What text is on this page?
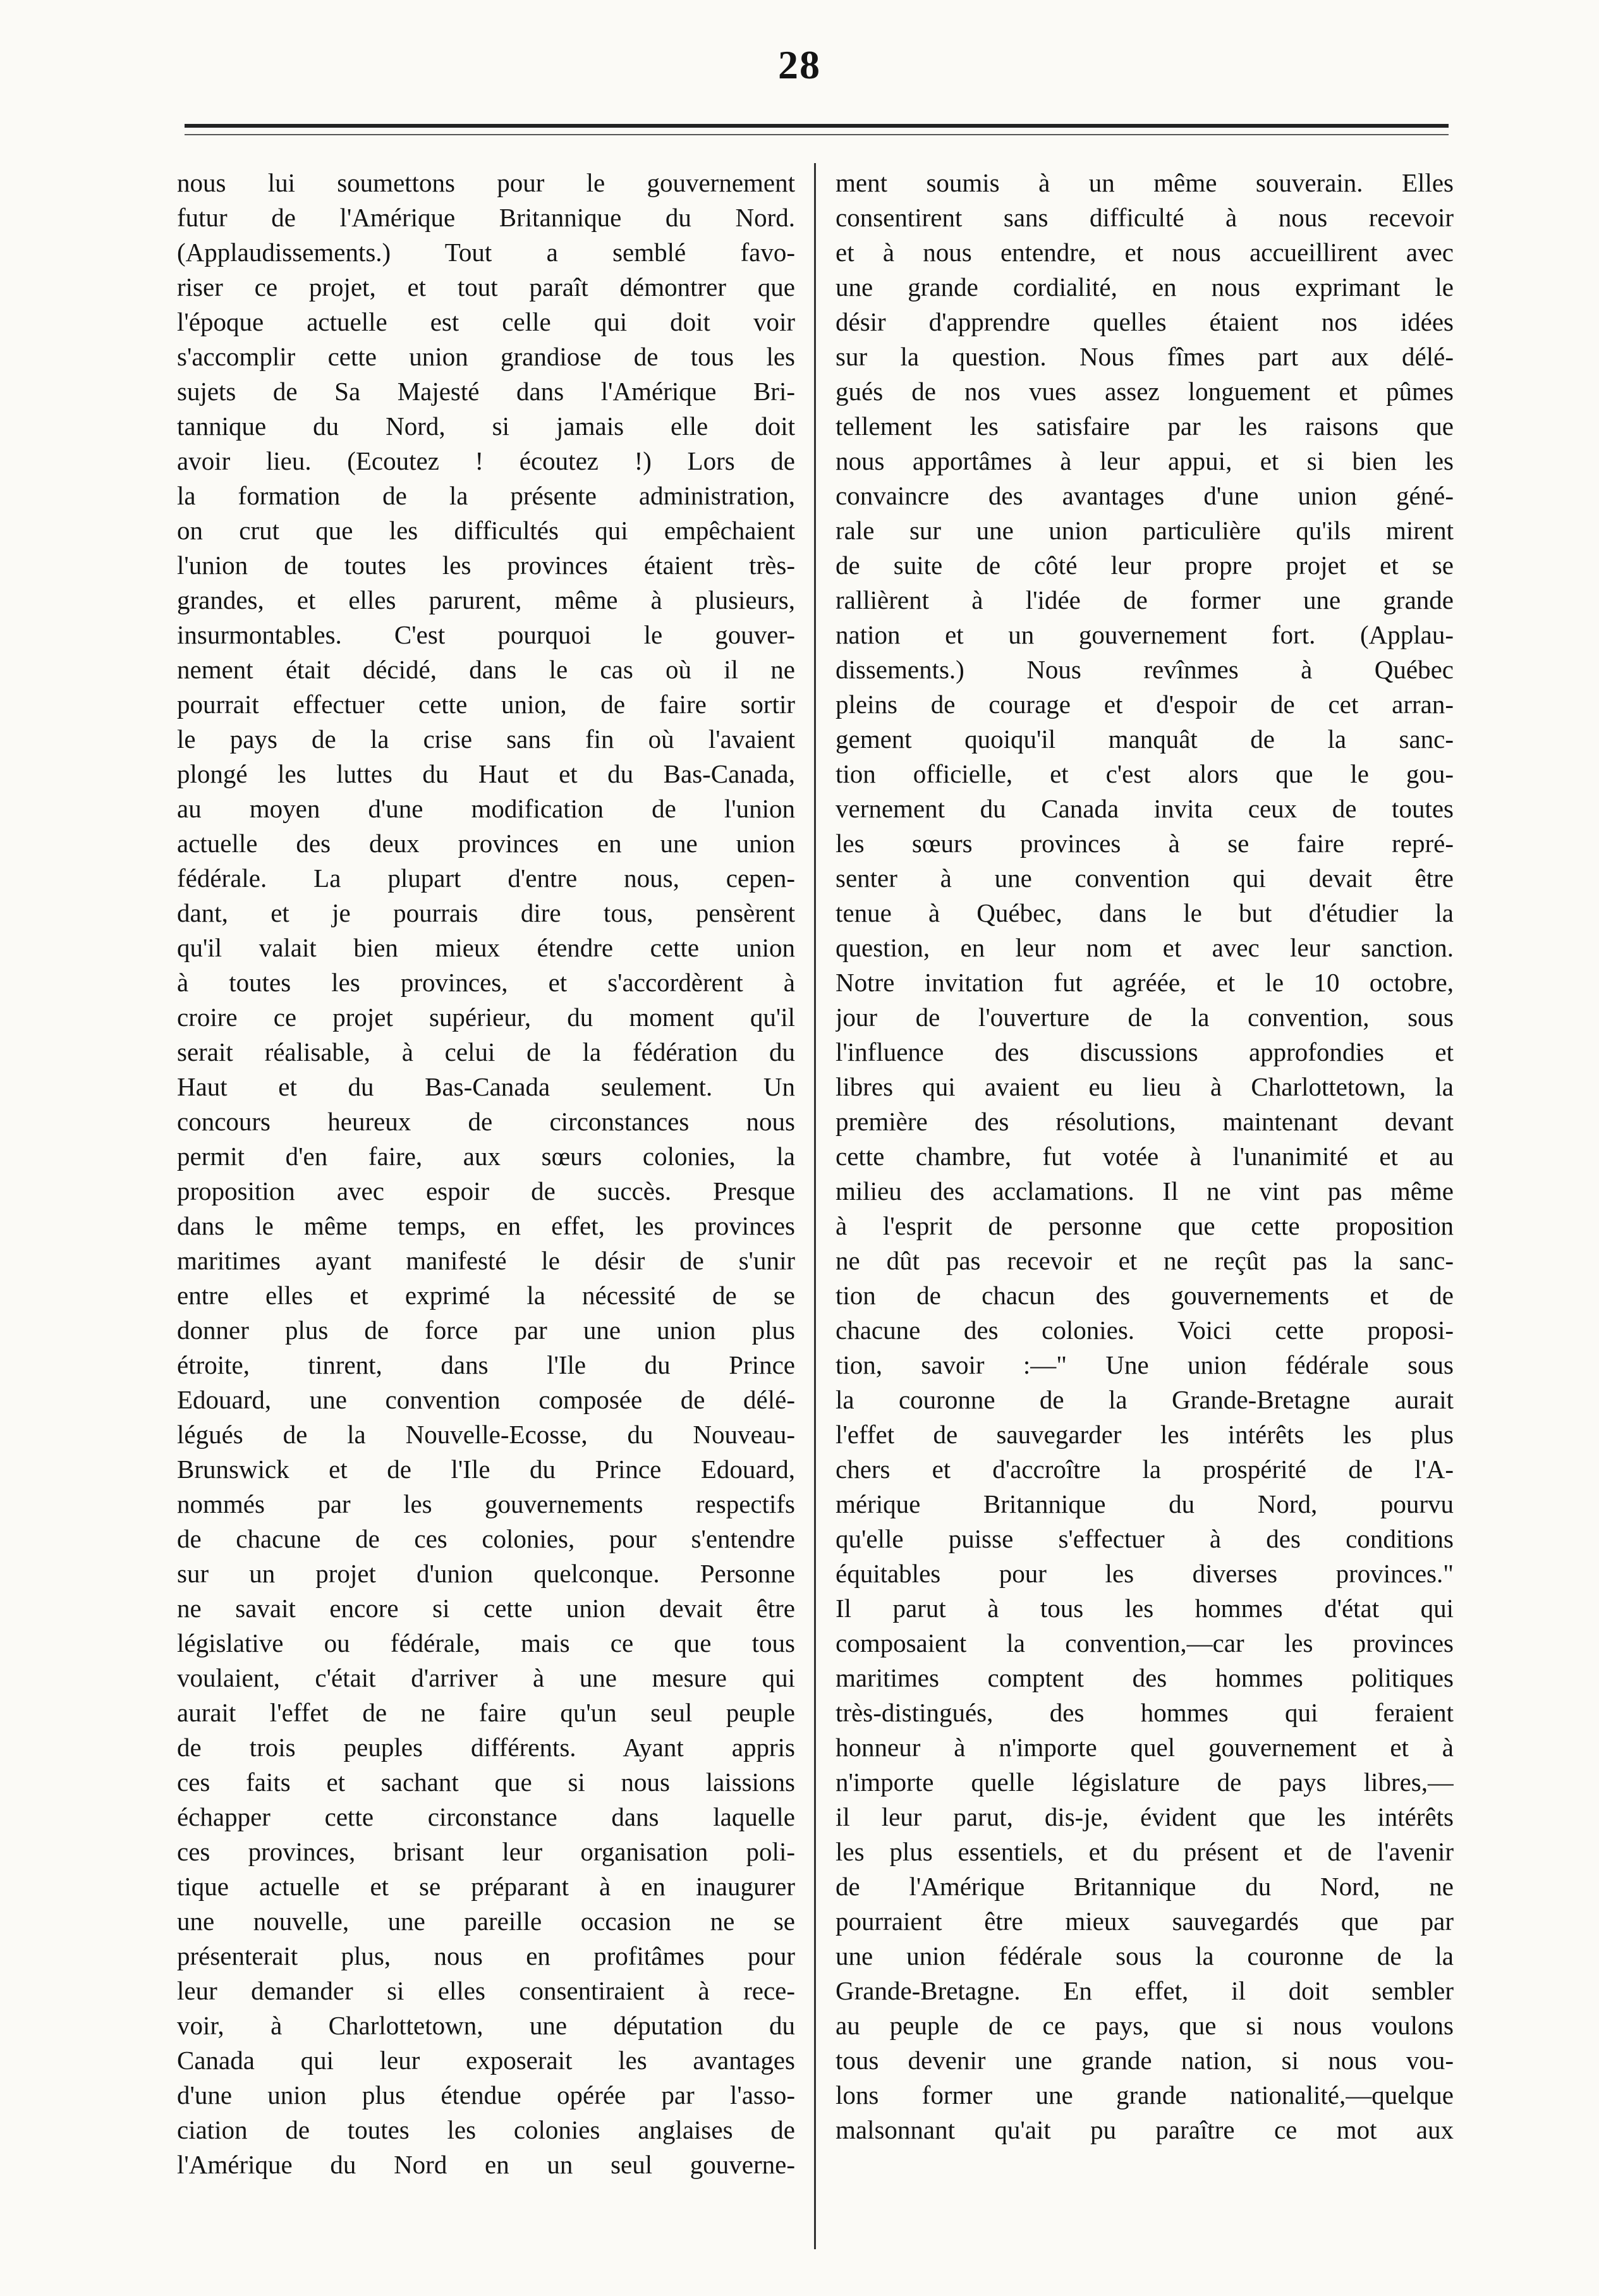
28
nous lui soumettons pour le gouvernement
futur de l'Amérique Britannique du Nord.
(Applaudissements.) Tout a semblé favo-
riser ce projet, et tout paraît démontrer que
l'époque actuelle est celle qui doit voir
s'accomplir cette union grandiose de tous les
sujets de Sa Majesté dans l'Amérique Bri-
tannique du Nord, si jamais elle doit
avoir lieu. (Ecoutez ! écoutez !) Lors de
la formation de la présente administration,
on crut que les difficultés qui empêchaient
l'union de toutes les provinces étaient très-
grandes, et elles parurent, même à plusieurs,
insurmontables. C'est pourquoi le gouver-
nement était décidé, dans le cas où il ne
pourrait effectuer cette union, de faire sortir
le pays de la crise sans fin où l'avaient
plongé les luttes du Haut et du Bas-Canada,
au moyen d'une modification de l'union
actuelle des deux provinces en une union
fédérale. La plupart d'entre nous, cepen-
dant, et je pourrais dire tous, pensèrent
qu'il valait bien mieux étendre cette union
à toutes les provinces, et s'accordèrent à
croire ce projet supérieur, du moment qu'il
serait réalisable, à celui de la fédération du
Haut et du Bas-Canada seulement. Un
concours heureux de circonstances nous
permit d'en faire, aux sœurs colonies, la
proposition avec espoir de succès. Presque
dans le même temps, en effet, les provinces
maritimes ayant manifesté le désir de s'unir
entre elles et exprimé la nécessité de se
donner plus de force par une union plus
étroite, tinrent, dans l'Ile du Prince
Edouard, une convention composée de délé-
légués de la Nouvelle-Ecosse, du Nouveau-
Brunswick et de l'Ile du Prince Edouard,
nommés par les gouvernements respectifs
de chacune de ces colonies, pour s'entendre
sur un projet d'union quelconque. Personne
ne savait encore si cette union devait être
législative ou fédérale, mais ce que tous
voulaient, c'était d'arriver à une mesure qui
aurait l'effet de ne faire qu'un seul peuple
de trois peuples différents. Ayant appris
ces faits et sachant que si nous laissions
échapper cette circonstance dans laquelle
ces provinces, brisant leur organisation poli-
tique actuelle et se préparant à en inaugurer
une nouvelle, une pareille occasion ne se
présenterait plus, nous en profitâmes pour
leur demander si elles consentiraient à rece-
voir, à Charlottetown, une députation du
Canada qui leur exposerait les avantages
d'une union plus étendue opérée par l'asso-
ciation de toutes les colonies anglaises de
l'Amérique du Nord en un seul gouverne-
ment soumis à un même souverain. Elles
consentirent sans difficulté à nous recevoir
et à nous entendre, et nous accueillirent avec
une grande cordialité, en nous exprimant le
désir d'apprendre quelles étaient nos idées
sur la question. Nous fîmes part aux délé-
gués de nos vues assez longuement et pûmes
tellement les satisfaire par les raisons que
nous apportâmes à leur appui, et si bien les
convaincre des avantages d'une union géné-
rale sur une union particulière qu'ils mirent
de suite de côté leur propre projet et se
rallièrent à l'idée de former une grande
nation et un gouvernement fort. (Applau-
dissements.) Nous revînmes à Québec
pleins de courage et d'espoir de cet arran-
gement quoiqu'il manquât de la sanc-
tion officielle, et c'est alors que le gou-
vernement du Canada invita ceux de toutes
les sœurs provinces à se faire repré-
senter à une convention qui devait être
tenue à Québec, dans le but d'étudier la
question, en leur nom et avec leur sanction.
Notre invitation fut agréée, et le 10 octobre,
jour de l'ouverture de la convention, sous
l'influence des discussions approfondies et
libres qui avaient eu lieu à Charlottetown, la
première des résolutions, maintenant devant
cette chambre, fut votée à l'unanimité et au
milieu des acclamations. Il ne vint pas même
à l'esprit de personne que cette proposition
ne dût pas recevoir et ne reçût pas la sanc-
tion de chacun des gouvernements et de
chacune des colonies. Voici cette proposi-
tion, savoir :—" Une union fédérale sous
la couronne de la Grande-Bretagne aurait
l'effet de sauvegarder les intérêts les plus
chers et d'accroître la prospérité de l'A-
mérique Britannique du Nord, pourvu
qu'elle puisse s'effectuer à des conditions
équitables pour les diverses provinces."
Il parut à tous les hommes d'état qui
composaient la convention,—car les provinces
maritimes comptent des hommes politiques
très-distingués, des hommes qui feraient
honneur à n'importe quel gouvernement et à
n'importe quelle législature de pays libres,—
il leur parut, dis-je, évident que les intérêts
les plus essentiels, et du présent et de l'avenir
de l'Amérique Britannique du Nord, ne
pourraient être mieux sauvegardés que par
une union fédérale sous la couronne de la
Grande-Bretagne. En effet, il doit sembler
au peuple de ce pays, que si nous voulons
tous devenir une grande nation, si nous vou-
lons former une grande nationalité,—quelque
malsonnant qu'ait pu paraître ce mot aux
